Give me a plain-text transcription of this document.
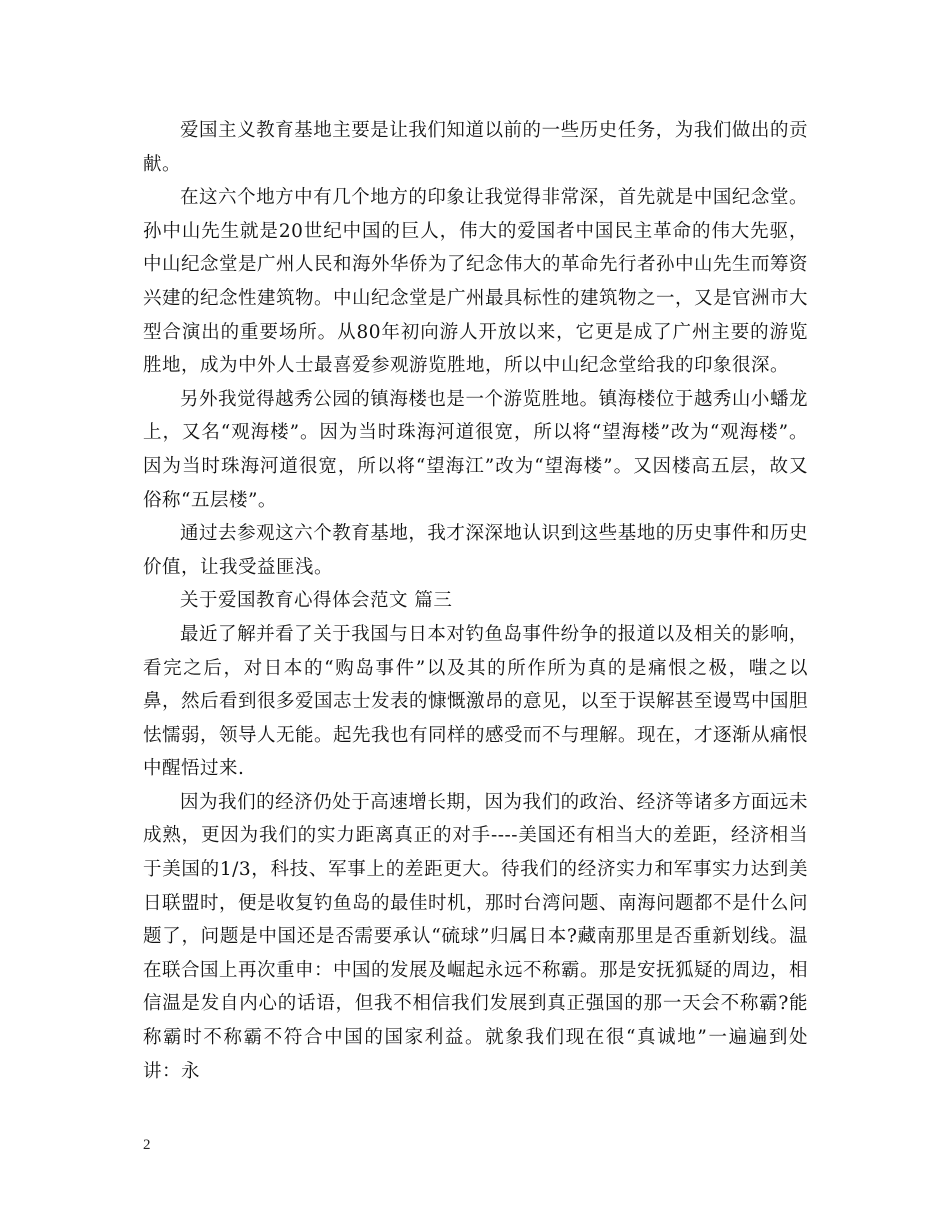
爱国主义教育基地主要是让我们知道以前的一些历史任务，为我们做出的贡献。

在这六个地方中有几个地方的印象让我觉得非常深，首先就是中国纪念堂。孙中山先生就是20世纪中国的巨人，伟大的爱国者中国民主革命的伟大先驱，中山纪念堂是广州人民和海外华侨为了纪念伟大的革命先行者孙中山先生而筹资兴建的纪念性建筑物。中山纪念堂是广州最具标性的建筑物之一，又是官洲市大型合演出的重要场所。从80年初向游人开放以来，它更是成了广州主要的游览胜地，成为中外人士最喜爱参观游览胜地，所以中山纪念堂给我的印象很深。

另外我觉得越秀公园的镇海楼也是一个游览胜地。镇海楼位于越秀山小蟠龙上，又名“观海楼”。因为当时珠海河道很宽，所以将“望海楼”改为“观海楼”。因为当时珠海河道很宽，所以将“望海江”改为“望海楼”。又因楼高五层，故又俗称“五层楼”。

通过去参观这六个教育基地，我才深深地认识到这些基地的历史事件和历史价值，让我受益匪浅。

关于爱国教育心得体会范文 篇三

最近了解并看了关于我国与日本对钓鱼岛事件纷争的报道以及相关的影响，看完之后，对日本的“购岛事件”以及其的所作所为真的是痛恨之极，嗤之以鼻，然后看到很多爱国志士发表的慷慨激昂的意见，以至于误解甚至谩骂中国胆怯懦弱，领导人无能。起先我也有同样的感受而不与理解。现在，才逐渐从痛恨中醒悟过来.

因为我们的经济仍处于高速增长期，因为我们的政治、经济等诸多方面远未成熟，更因为我们的实力距离真正的对手----美国还有相当大的差距，经济相当于美国的1/3，科技、军事上的差距更大。待我们的经济实力和军事实力达到美日联盟时，便是收复钓鱼岛的最佳时机，那时台湾问题、南海问题都不是什么问题了，问题是中国还是否需要承认“硫球”归属日本?藏南那里是否重新划线。温在联合国上再次重申：中国的发展及崛起永远不称霸。那是安抚狐疑的周边，相信温是发自内心的话语，但我不相信我们发展到真正强国的那一天会不称霸?能称霸时不称霸不符合中国的国家利益。就象我们现在很“真诚地”一遍遍到处讲：永

2
